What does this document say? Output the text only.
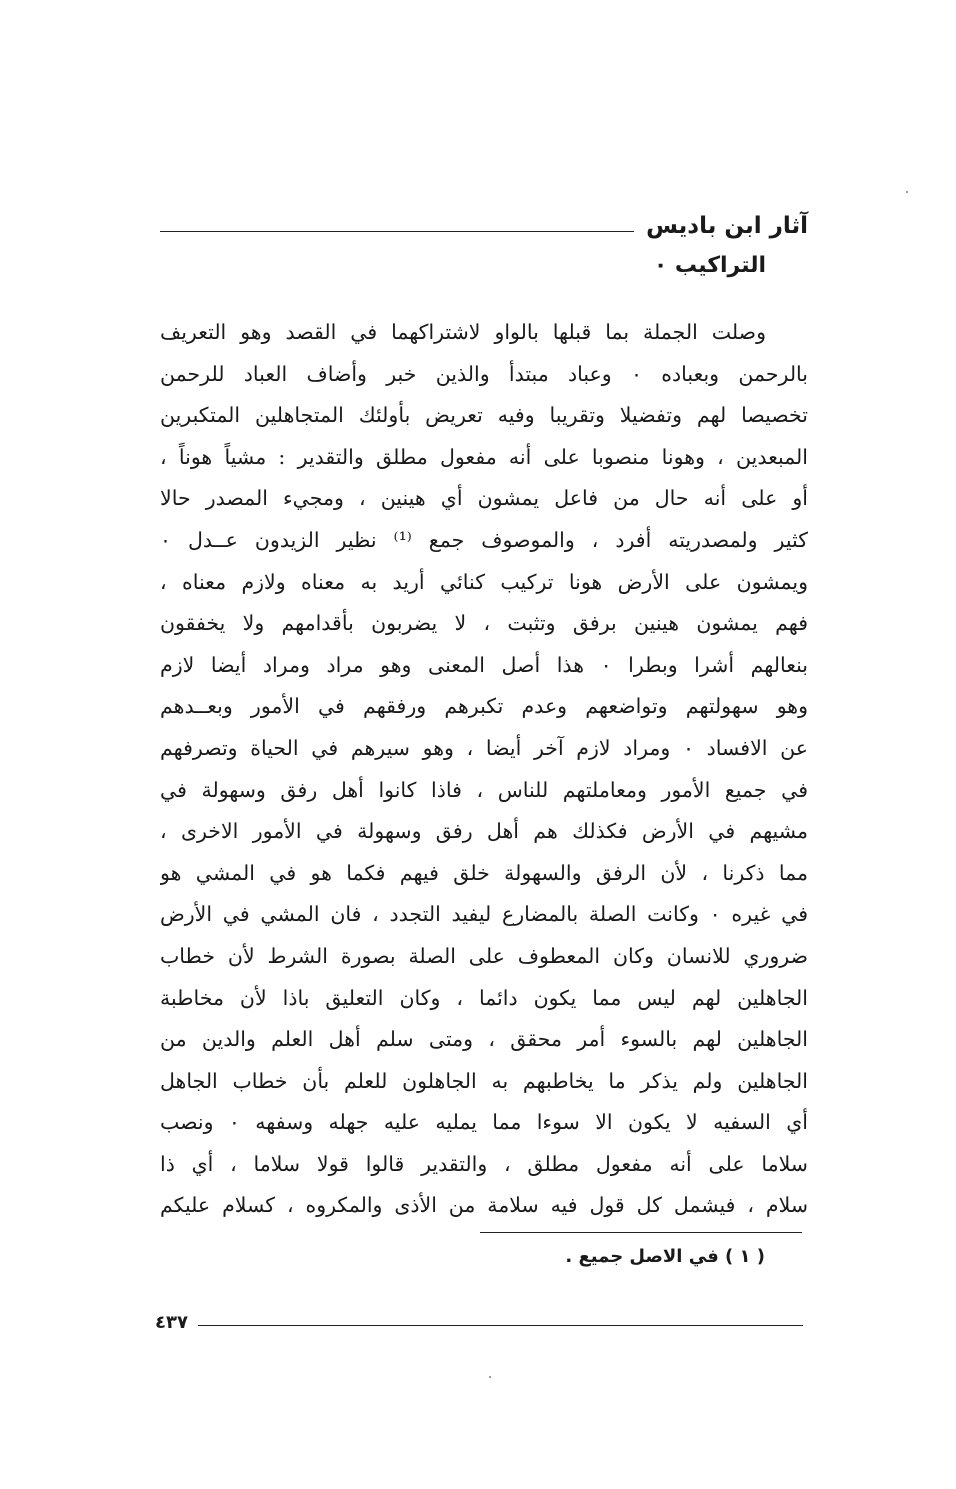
آثار ابن باديس
التراكيب ٠
وصلت الجملة بما قبلها بالواو لاشتراكهما في القصد وهو التعريف
بالرحمن وبعباده ٠ وعباد مبتدأ والذين خبر وأضاف العباد للرحمن
تخصيصا لهم وتفضيلا وتقريبا وفيه تعريض بأولئك المتجاهلين المتكبرين
المبعدين ، وهونا منصوبا على أنه مفعول مطلق والتقدير : مشياً هوناً ،
أو على أنه حال من فاعل يمشون أي هينين ، ومجيء المصدر حالا
كثير ولمصدريته أفرد ، والموصوف جمع ⁽¹⁾ نظير الزيدون عــدل ٠
ويمشون على الأرض هونا تركيب كنائي أريد به معناه ولازم معناه ،
فهم يمشون هينين برفق وتثبت ، لا يضربون بأقدامهم ولا يخفقون
بنعالهم أشرا وبطرا ٠ هذا أصل المعنى وهو مراد ومراد أيضا لازم
وهو سهولتهم وتواضعهم وعدم تكبرهم ورفقهم في الأمور وبعــدهم
عن الافساد ٠ ومراد لازم آخر أيضا ، وهو سيرهم في الحياة وتصرفهم
في جميع الأمور ومعاملتهم للناس ، فاذا كانوا أهل رفق وسهولة في
مشيهم في الأرض فكذلك هم أهل رفق وسهولة في الأمور الاخرى ،
مما ذكرنا ، لأن الرفق والسهولة خلق فيهم فكما هو في المشي هو
في غيره ٠ وكانت الصلة بالمضارع ليفيد التجدد ، فان المشي في الأرض
ضروري للانسان وكان المعطوف على الصلة بصورة الشرط لأن خطاب
الجاهلين لهم ليس مما يكون دائما ، وكان التعليق باذا لأن مخاطبة
الجاهلين لهم بالسوء أمر محقق ، ومتى سلم أهل العلم والدين من
الجاهلين ولم يذكر ما يخاطبهم به الجاهلون للعلم بأن خطاب الجاهل
أي السفيه لا يكون الا سوءا مما يمليه عليه جهله وسفهه ٠ ونصب
سلاما على أنه مفعول مطلق ، والتقدير قالوا قولا سلاما ، أي ذا
سلام ، فيشمل كل قول فيه سلامة من الأذى والمكروه ، كسلام عليكم
( ١ ) في الاصل جميع .
٤٣٧
